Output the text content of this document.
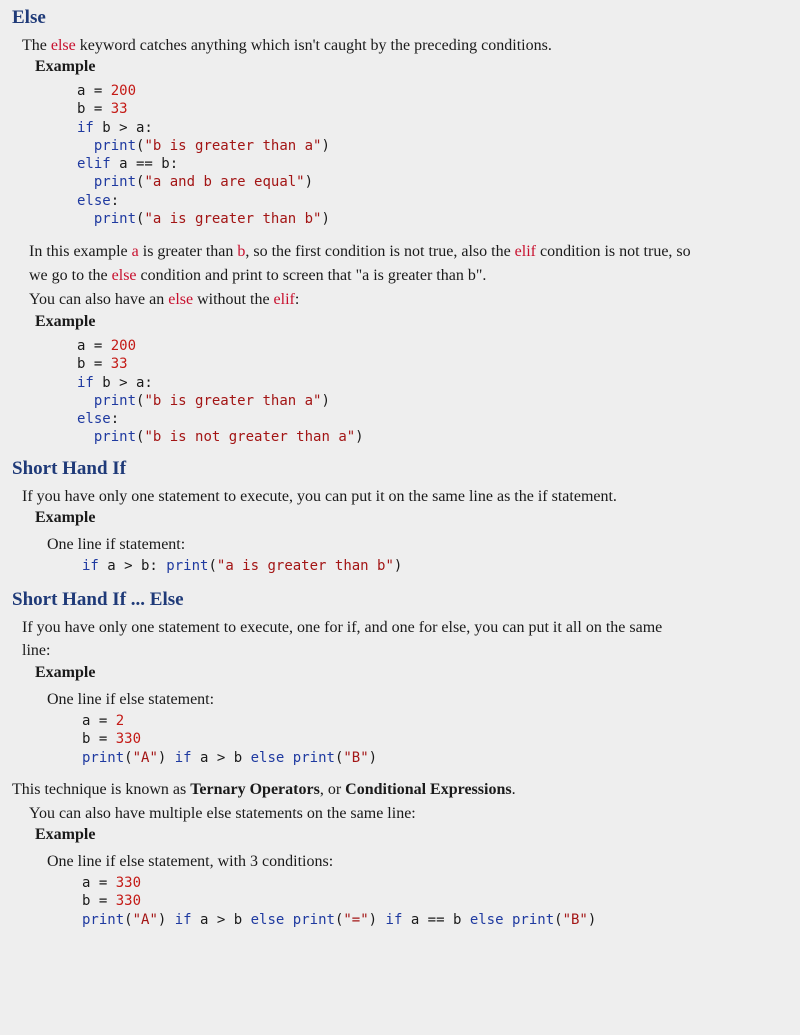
Else
The else keyword catches anything which isn't caught by the preceding conditions.
Example
a = 200
b = 33
if b > a:
print("b is greater than a")
elif a == b:
print("a and b are equal")
else:
print("a is greater than b")
In this example a is greater than b, so the first condition is not true, also the elif condition is not true, so
we go to the else condition and print to screen that "a is greater than b".
You can also have an else without the elif:
Example
a = 200
b = 33
if b > a:
print("b is greater than a")
else:
print("b is not greater than a")
Short Hand If
If you have only one statement to execute, you can put it on the same line as the if statement.
Example
One line if statement:
if a > b: print("a is greater than b")
Short Hand If ... Else
If you have only one statement to execute, one for if, and one for else, you can put it all on the same
line:
Example
One line if else statement:
a = 2
b = 330
print("A") if a > b else print("B")
This technique is known as Ternary Operators, or Conditional Expressions.
You can also have multiple else statements on the same line:
Example
One line if else statement, with 3 conditions:
a = 330
b = 330
print("A") if a > b else print("=") if a == b else print("B")
